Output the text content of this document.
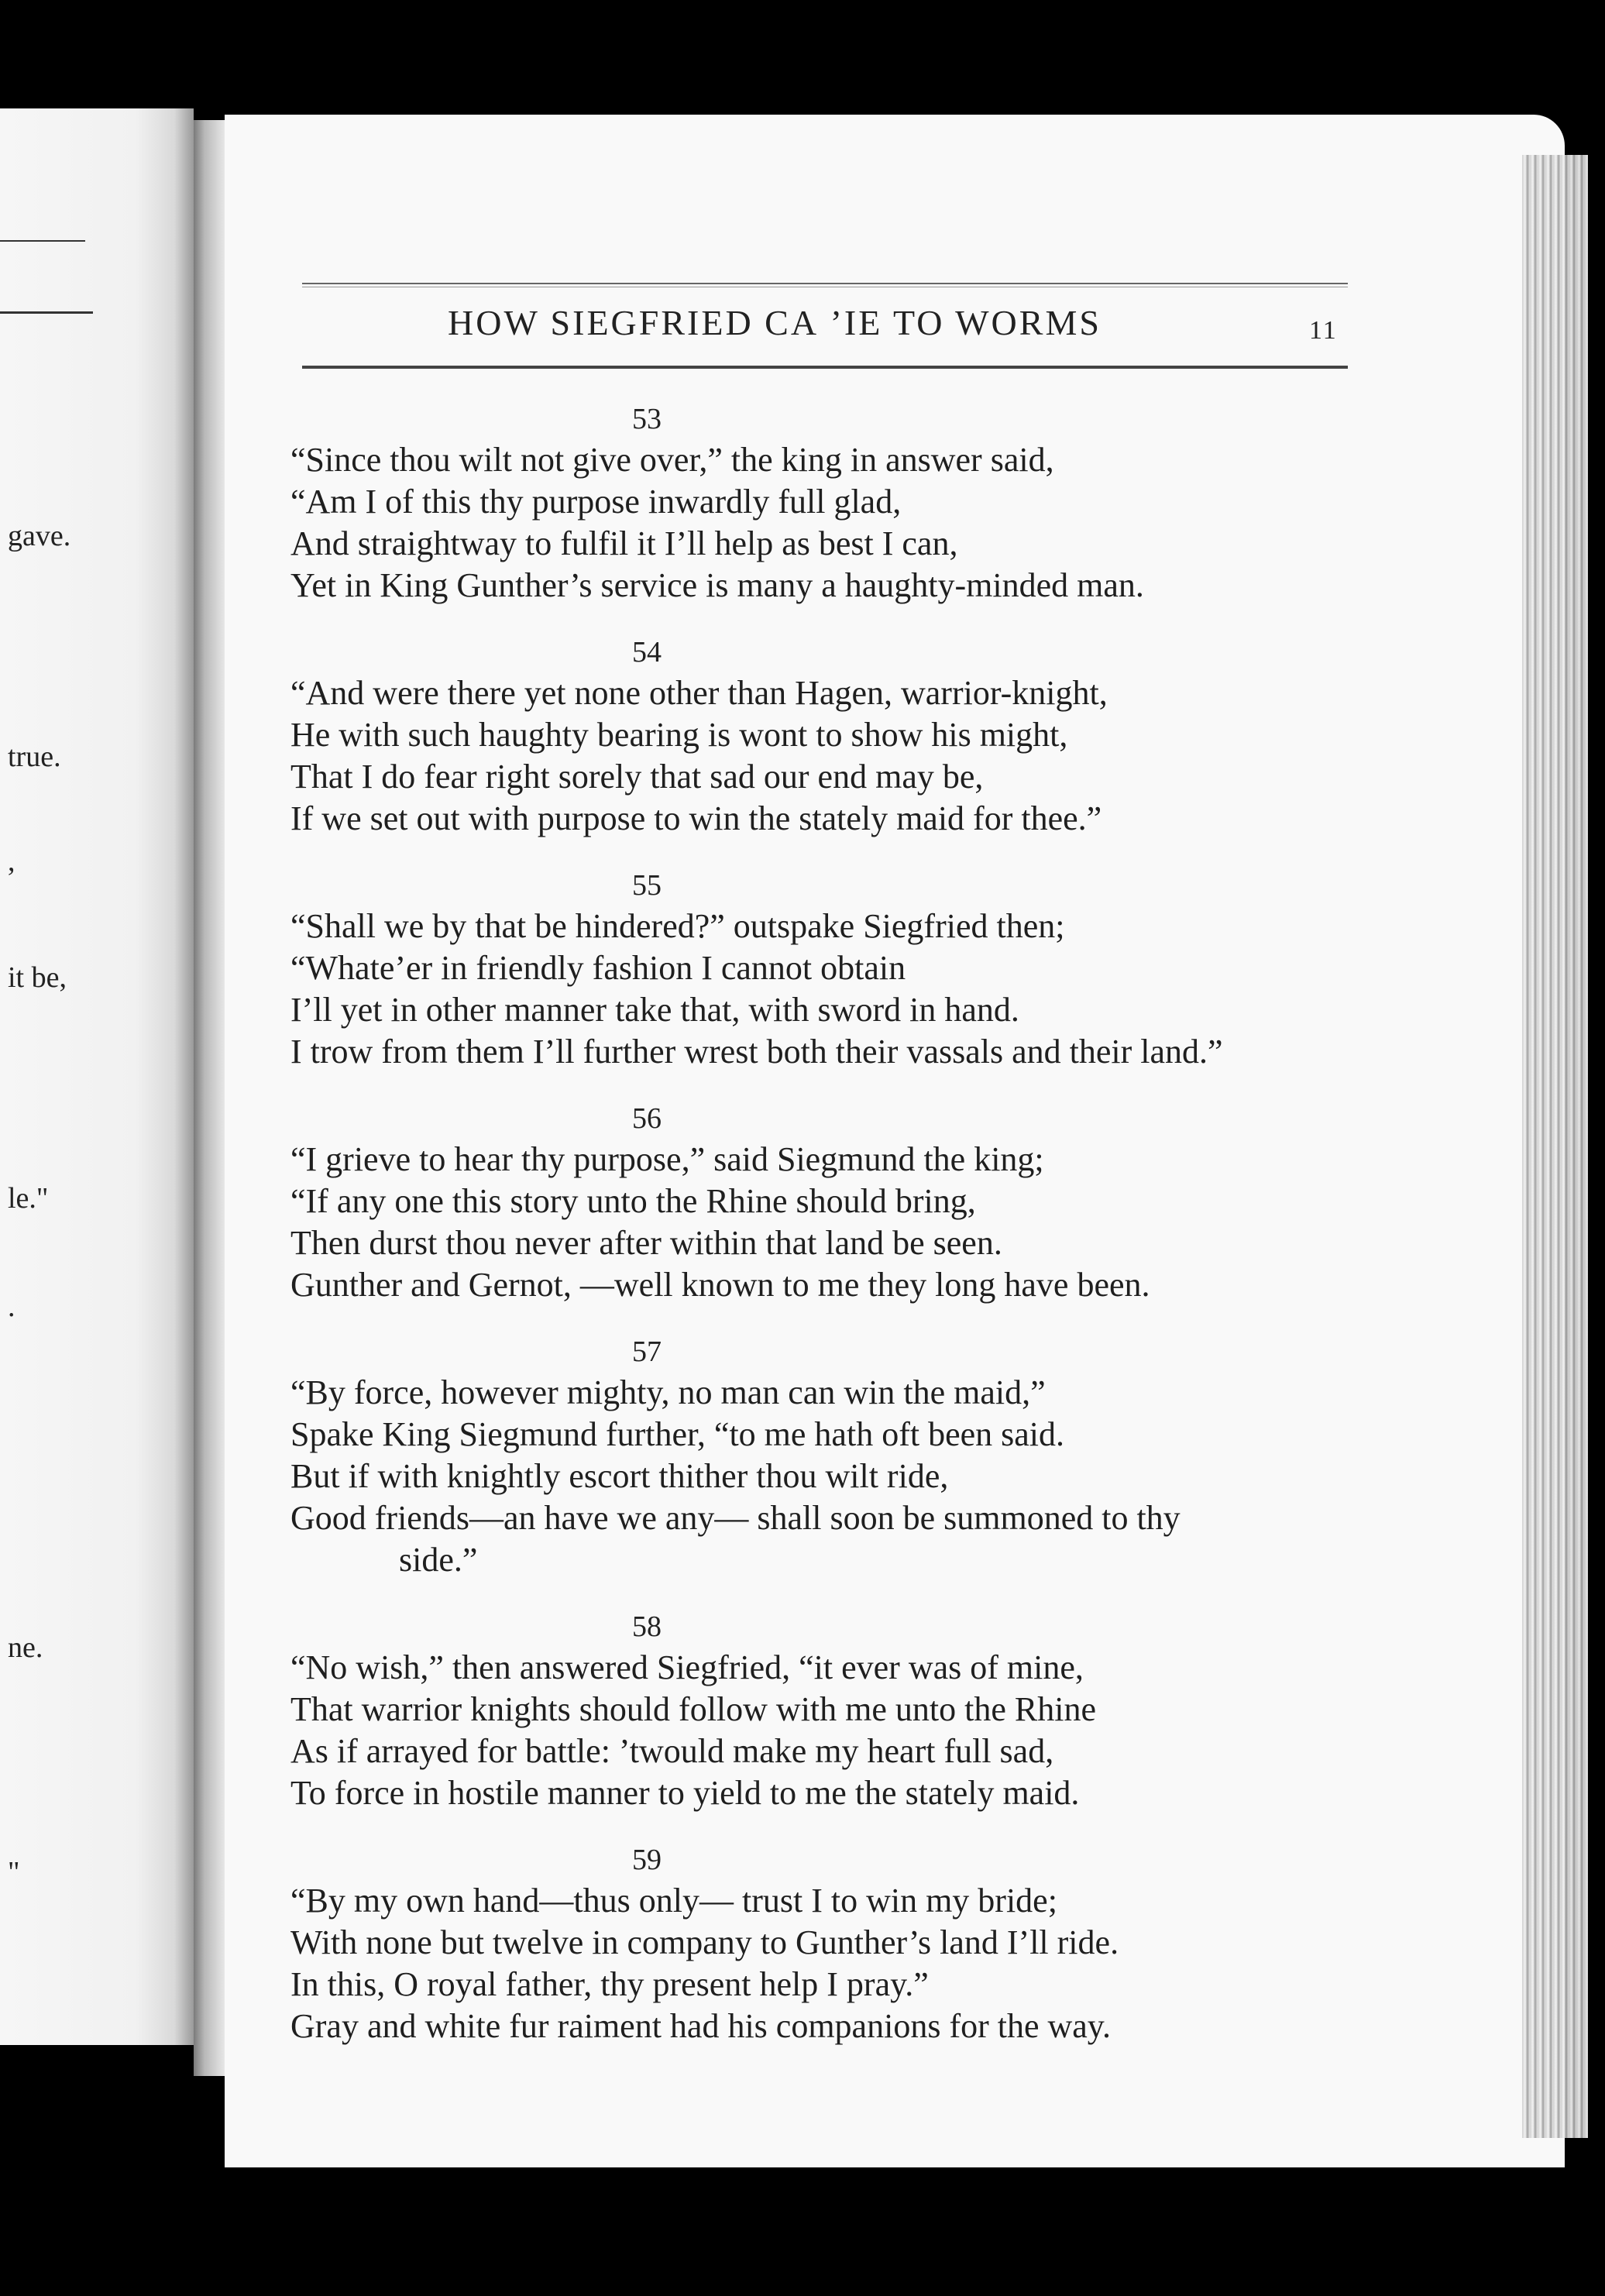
gave.
true.
,
it be,
le."
.
ne.
"
HOW SIEGFRIED CA ’IE TO WORMS	11
53
“Since thou wilt not give over,” the king in answer said,
“Am I of this thy purpose inwardly full glad,
And straightway to fulfil it I’ll help as best I can,
Yet in King Gunther’s service is many a haughty-minded man.
54
“And were there yet none other than Hagen, warrior-knight,
He with such haughty bearing is wont to show his might,
That I do fear right sorely that sad our end may be,
If we set out with purpose to win the stately maid for thee.”
55
“Shall we by that be hindered?” outspake Siegfried then;
“Whate’er in friendly fashion I cannot obtain
I’ll yet in other manner take that, with sword in hand.
I trow from them I’ll further wrest both their vassals and their land.”
56
“I grieve to hear thy purpose,” said Siegmund the king;
“If any one this story unto the Rhine should bring,
Then durst thou never after within that land be seen.
Gunther and Gernot, —well known to me they long have been.
57
“By force, however mighty, no man can win the maid,”
Spake King Siegmund further, “to me hath oft been said.
But if with knightly escort thither thou wilt ride,
Good friends—an have we any— shall soon be summoned to thy
side.”
58
“No wish,” then answered Siegfried, “it ever was of mine,
That warrior knights should follow with me unto the Rhine
As if arrayed for battle: ’twould make my heart full sad,
To force in hostile manner to yield to me the stately maid.
59
“By my own hand—thus only— trust I to win my bride;
With none but twelve in company to Gunther’s land I’ll ride.
In this, O royal father, thy present help I pray.”
Gray and white fur raiment had his companions for the way.
